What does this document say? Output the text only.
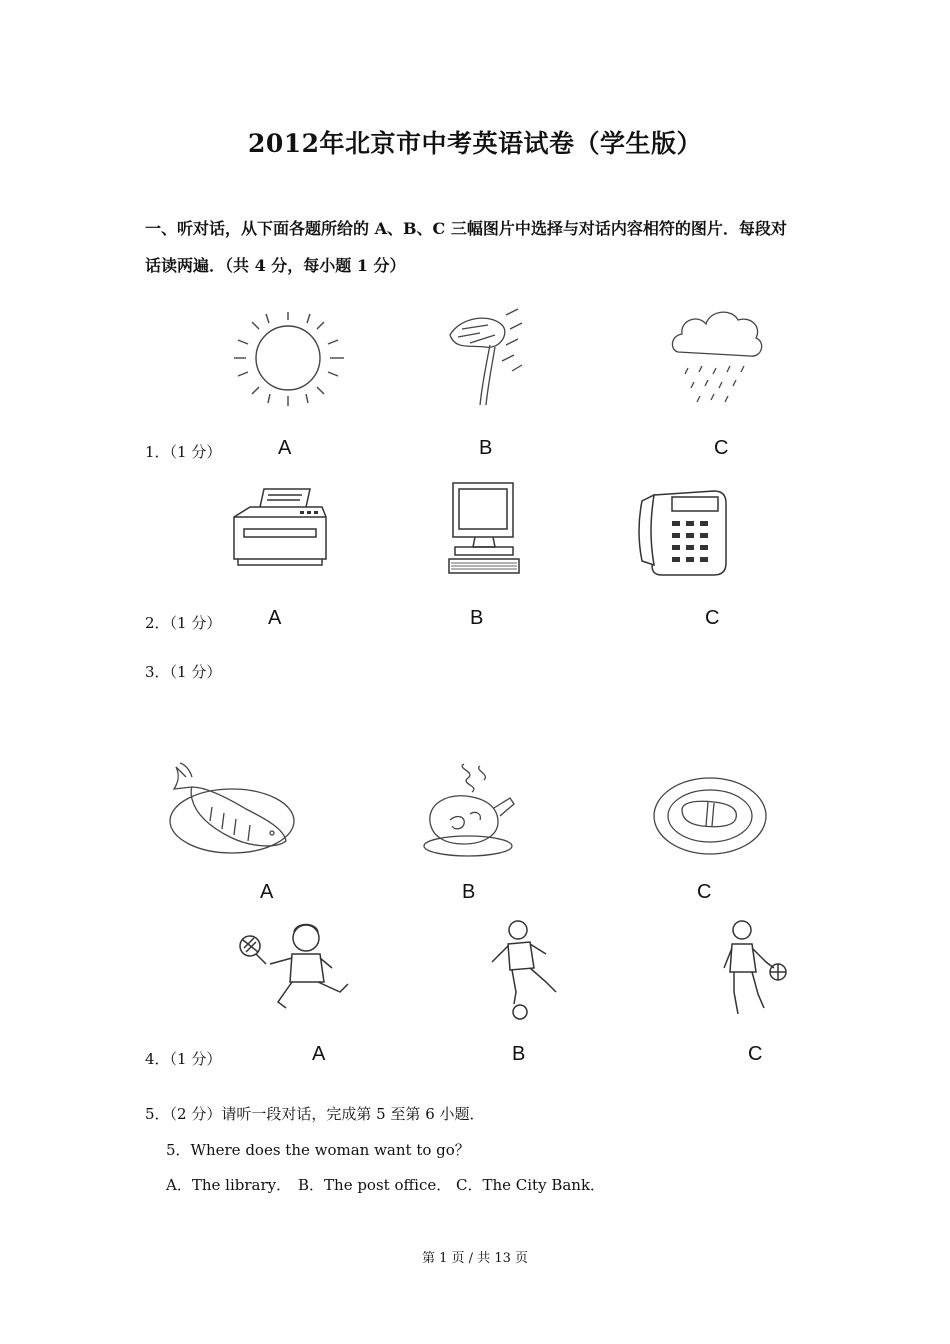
2012年北京市中考英语试卷（学生版）
一、听对话，从下面各题所给的 A、B、C 三幅图片中选择与对话内容相符的图片．每段对
话读两遍．（共 4 分，每小题 1 分）
1．（1 分）	A	B	C
2．（1 分） A	B	C
3．（1 分）
A	B	C
4．（1 分）	A	B	C
5．（2 分）请听一段对话，完成第 5 至第 6 小题．
5．Where does the woman want to go？
A．The library． B．The post office． C．The City Bank．
第 1 页 / 共 13 页
